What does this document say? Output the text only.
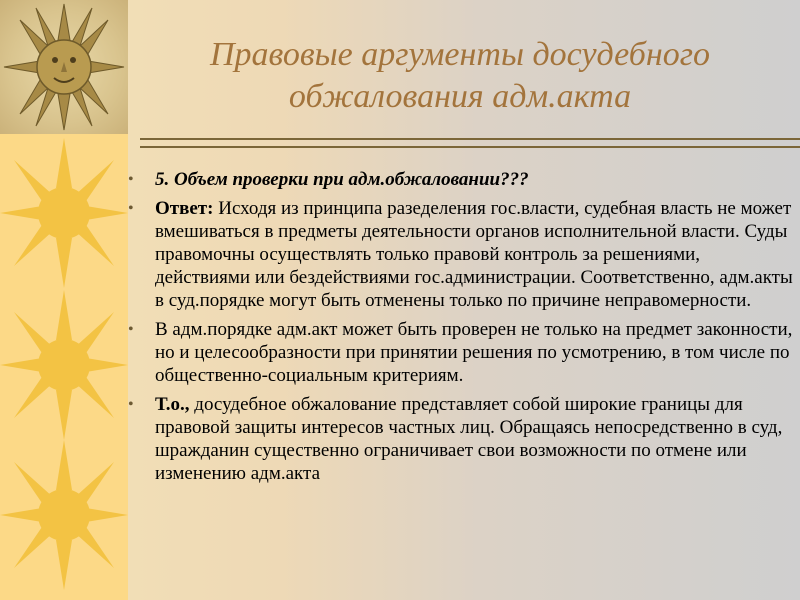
Правовые аргументы досудебного обжалования адм.акта
• 5. Объем проверки при адм.обжаловании???
• Ответ: Исходя из принципа разеделения гос.власти, судебная власть не может вмешиваться в предметы деятельности органов исполнительной власти. Суды правомочны осуществлять только правовй контроль за решениями, действиями или бездействиями гос.администрации. Соответственно, адм.акты в суд.порядке могут быть отменены только по причине неправомерности.
• В адм.порядке адм.акт может быть проверен не только на предмет законности, но и целесообразности при принятии решения по усмотрению, в том числе по общественно-социальным критериям.
• Т.о., досудебное обжалование представляет собой широкие границы для правовой защиты интересов частных лиц. Обращаясь непосредственно в суд, шражданин существенно ограничивает свои возможности по отмене или изменению адм.акта
